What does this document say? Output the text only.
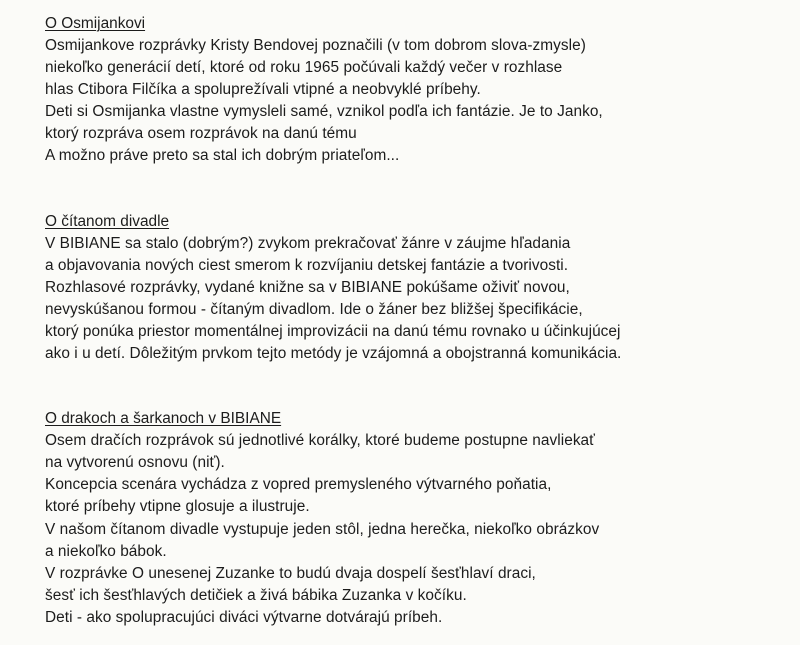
O Osmijankovi
Osmijankove rozprávky Kristy Bendovej poznačili (v tom dobrom slova-zmysle)
niekoľko generácií detí, ktoré od roku 1965 počúvali každý večer v rozhlase
hlas Ctibora Filčíka a spoluprežívali vtipné a neobvyklé príbehy.
Deti si Osmijanka vlastne vymysleli samé, vznikol podľa ich fantázie. Je to Janko,
ktorý rozpráva osem rozprávok na danú tému
A možno práve preto sa stal ich dobrým priateľom...
O čítanom divadle
V BIBIANE sa stalo (dobrým?) zvykom prekračovať žánre v záujme hľadania
a objavovania nových ciest smerom k rozvíjaniu detskej fantázie a tvorivosti.
Rozhlasové rozprávky, vydané knižne sa v BIBIANE pokúšame oživiť novou,
nevyskúšanou formou - čítaným divadlom. Ide o žáner bez bližšej špecifikácie,
ktorý ponúka priestor momentálnej improvizácii na danú tému rovnako u účinkujúcej
ako i u detí. Dôležitým prvkom tejto metódy je vzájomná a obojstranná komunikácia.
O drakoch a šarkanoch v BIBIANE
Osem dračích rozprávok sú jednotlivé korálky, ktoré budeme postupne navliekať
na vytvorenú osnovu (niť).
Koncepcia scenára vychádza z vopred premysleného výtvarného poňatia,
ktoré príbehy vtipne glosuje a ilustruje.
V našom čítanom divadle vystupuje jeden stôl, jedna herečka, niekoľko obrázkov
a niekoľko bábok.
V rozprávke O unesenej Zuzanke to budú dvaja dospelí šesťhlaví draci,
šesť ich šesťhlavých detičiek a živá bábika Zuzanka v kočíku.
Deti - ako spolupracujúci diváci výtvarne dotvárajú príbeh.
